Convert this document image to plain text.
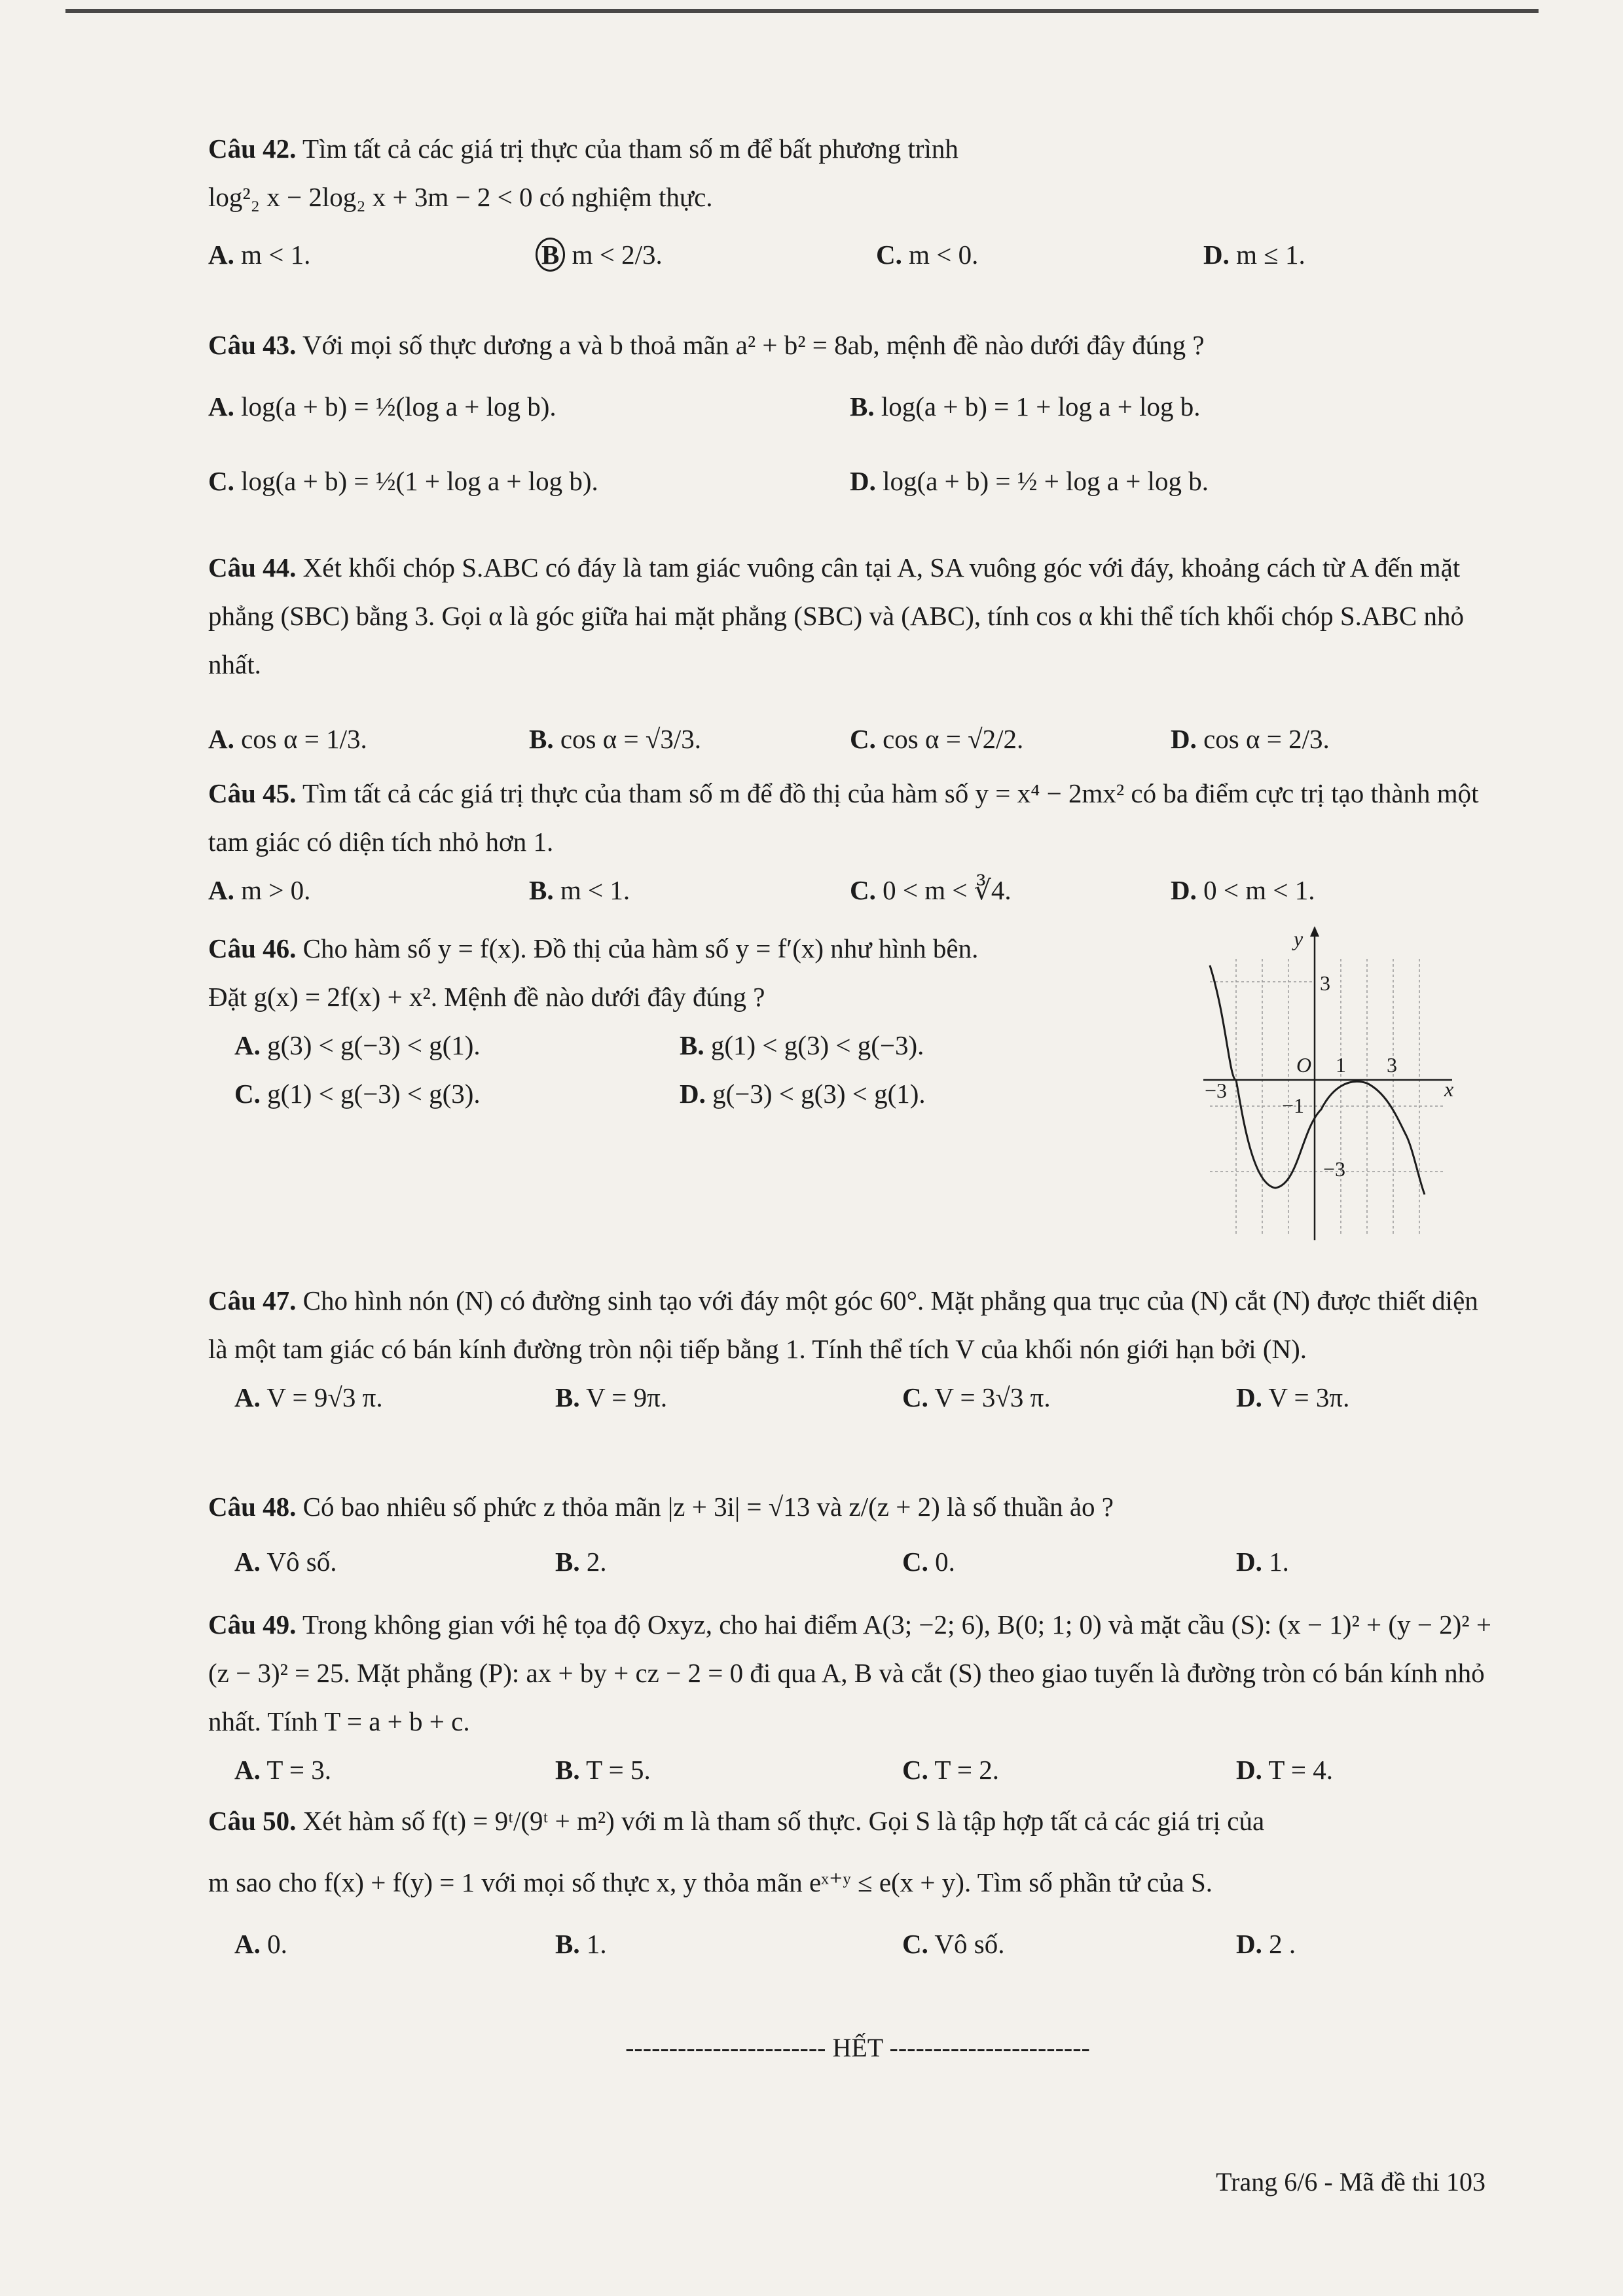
Câu 42. Tìm tất cả các giá trị thực của tham số m để bất phương trình

log²₂ x − 2log₂ x + 3m − 2 < 0 có nghiệm thực.

A. m < 1.	B m < 2/3.	C. m < 0.	D. m ≤ 1.

Câu 43. Với mọi số thực dương a và b thoả mãn a² + b² = 8ab, mệnh đề nào dưới đây đúng ?

A. log(a + b) = ½(log a + log b).	B. log(a + b) = 1 + log a + log b.
C. log(a + b) = ½(1 + log a + log b).	D. log(a + b) = ½ + log a + log b.

Câu 44. Xét khối chóp S.ABC có đáy là tam giác vuông cân tại A, SA vuông góc với đáy, khoảng cách từ A đến mặt phẳng (SBC) bằng 3. Gọi α là góc giữa hai mặt phẳng (SBC) và (ABC), tính cos α khi thể tích khối chóp S.ABC nhỏ nhất.

A. cos α = 1/3.	B. cos α = √3/3.	C. cos α = √2/2.	D. cos α = 2/3.

Câu 45. Tìm tất cả các giá trị thực của tham số m để đồ thị của hàm số y = x⁴ − 2mx² có ba điểm cực trị tạo thành một tam giác có diện tích nhỏ hơn 1.

A. m > 0.	B. m < 1.	C. 0 < m < ∛4.	D. 0 < m < 1.

Câu 46. Cho hàm số y = f(x). Đồ thị của hàm số y = f′(x) như hình bên.

Đặt g(x) = 2f(x) + x². Mệnh đề nào dưới đây đúng ?

A. g(3) < g(−3) < g(1).	B. g(1) < g(3) < g(−3).
C. g(1) < g(−3) < g(3).	D. g(−3) < g(3) < g(1).
y
x
O
−3
1 3
3
−1
−3

Câu 47. Cho hình nón (N) có đường sinh tạo với đáy một góc 60°. Mặt phẳng qua trục của (N) cắt (N) được thiết diện là một tam giác có bán kính đường tròn nội tiếp bằng 1. Tính thể tích V của khối nón giới hạn bởi (N).

A. V = 9√3 π.	B. V = 9π.	C. V = 3√3 π.	D. V = 3π.

Câu 48. Có bao nhiêu số phức z thỏa mãn |z + 3i| = √13 và z/(z + 2) là số thuần ảo ?

A. Vô số.	B. 2.	C. 0.	D. 1.

Câu 49. Trong không gian với hệ tọa độ Oxyz, cho hai điểm A(3; −2; 6), B(0; 1; 0) và mặt cầu (S): (x − 1)² + (y − 2)² + (z − 3)² = 25. Mặt phẳng (P): ax + by + cz − 2 = 0 đi qua A, B và cắt (S) theo giao tuyến là đường tròn có bán kính nhỏ nhất. Tính T = a + b + c.

A. T = 3.	B. T = 5.	C. T = 2.	D. T = 4.

Câu 50. Xét hàm số f(t) = 9ᵗ/(9ᵗ + m²) với m là tham số thực. Gọi S là tập hợp tất cả các giá trị của

m sao cho f(x) + f(y) = 1 với mọi số thực x, y thỏa mãn eˣ⁺ʸ ≤ e(x + y). Tìm số phần tử của S.

A. 0.	B. 1.	C. Vô số.	D. 2 .
----------------------- HẾT -----------------------
Trang 6/6 - Mã đề thi 103
